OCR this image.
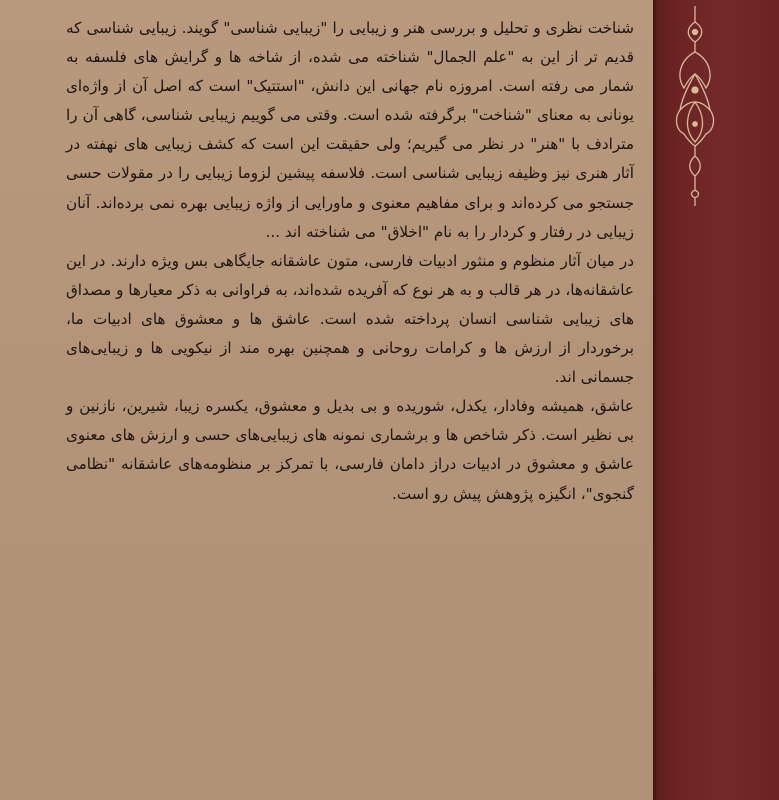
شناخت نظری و تحلیل و بررسی هنر و زیبایی را "زیبایی شناسی" گویند. زیبایی شناسی که قدیم تر از این به "علم الجمال" شناخته می شده، از شاخه ها و گرایش های فلسفه به شمار می رفته است. امروزه نام جهانی این دانش، "استتیک" است که اصل آن از واژه‌ای یونانی به معنای "شناخت" برگرفته شده است. وقتی می گوییم زیبایی شناسی، گاهی آن را مترادف با "هنر" در نظر می گیریم؛ ولی حقیقت این است که کشف زیبایی های نهفته در آثار هنری نیز وظیفه زیبایی شناسی است. فلاسفه پیشین لزوما زیبایی را در مقولات حسی جستجو می کرده‌اند و برای مفاهیم معنوی و ماورایی از واژه زیبایی بهره نمی برده‌اند. آنان زیبایی در رفتار و کردار را به نام "اخلاق" می شناخته اند ...

در میان آثار منظوم و منثور ادبیات فارسی، متون عاشقانه جایگاهی بس ویژه دارند. در این عاشقانه‌ها، در هر قالب و به هر نوع که آفریده شده‌اند، به فراوانی به ذکر معیارها و مصداق های زیبایی شناسی انسان پرداخته شده است. عاشق ها و معشوق های ادبیات ما، برخوردار از ارزش ها و کرامات روحانی و همچنین بهره مند از نیکویی ها و زیبایی‌های جسمانی اند.

عاشق، همیشه وفادار، یکدل، شوریده و بی بدیل و معشوق، یکسره زیبا، شیرین، نازنین و بی نظیر است. ذکر شاخص ها و برشماری نمونه های زیبایی‌های حسی و ارزش های معنوی عاشق و معشوق در ادبیات دراز دامان فارسی، با تمرکز بر منظومه‌های عاشقانه "نظامی گنجوی"، انگیزه پژوهش پیش رو است.
